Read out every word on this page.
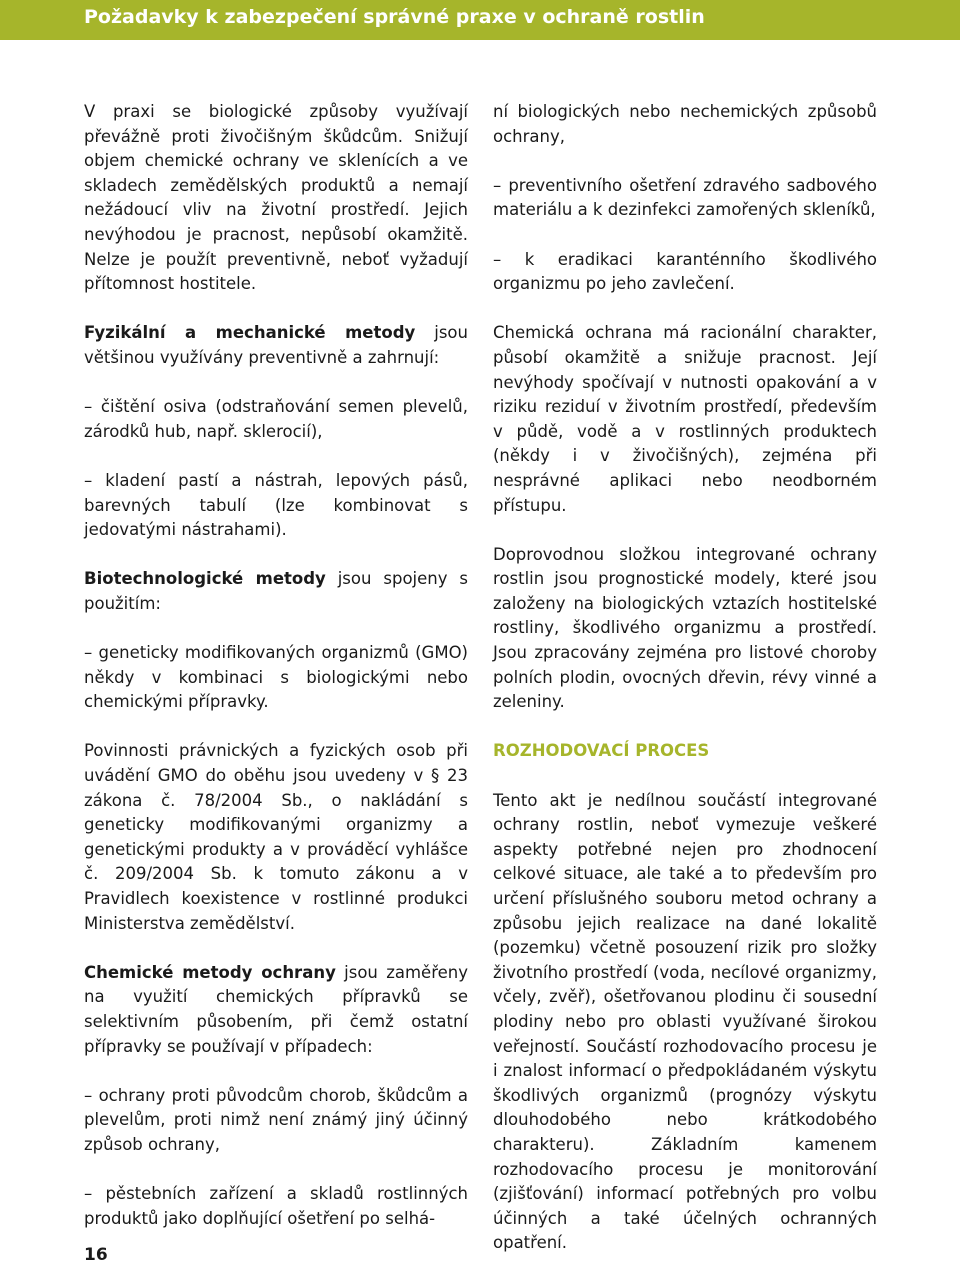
Požadavky k zabezpečení správné praxe v ochraně rostlin

V praxi se biologické způsoby využívají převážně proti živočišným škůdcům. Snižují objem chemické ochrany ve sklenících a ve skladech zemědělských produktů a nemají nežádoucí vliv na životní prostředí. Jejich nevýhodou je pracnost, nepůsobí okamžitě. Nelze je použít preventivně, neboť vyžadují přítomnost hostitele.

Fyzikální a mechanické metody jsou většinou využívány preventivně a zahrnují:

– čištění osiva (odstraňování semen plevelů, zárodků hub, např. sklerocií),

– kladení pastí a nástrah, lepových pásů, barevných tabulí (lze kombinovat s jedovatými nástrahami).

Biotechnologické metody jsou spojeny s použitím:

– geneticky modifikovaných organizmů (GMO) někdy v kombinaci s biologickými nebo chemickými přípravky.

Povinnosti právnických a fyzických osob při uvádění GMO do oběhu jsou uvedeny v § 23 zákona č. 78/2004 Sb., o nakládání s geneticky modifikovanými organizmy a genetickými produkty a v prováděcí vyhlášce č. 209/2004 Sb. k tomuto zákonu a v Pravidlech koexistence v rostlinné produkci Ministerstva zemědělství.

Chemické metody ochrany jsou zaměřeny na využití chemických přípravků se selektivním působením, při čemž ostatní přípravky se používají v případech:

– ochrany proti původcům chorob, škůdcům a plevelům, proti nimž není známý jiný účinný způsob ochrany,

– pěstebních zařízení a skladů rostlinných produktů jako doplňující ošetření po selhá-

ní biologických nebo nechemických způsobů ochrany,

– preventivního ošetření zdravého sadbového materiálu a k dezinfekci zamořených skleníků,

– k eradikaci karanténního škodlivého organizmu po jeho zavlečení.

Chemická ochrana má racionální charakter, působí okamžitě a snižuje pracnost. Její nevýhody spočívají v nutnosti opakování a v riziku reziduí v životním prostředí, především v půdě, vodě a v rostlinných produktech (někdy i v živočišných), zejména při nesprávné aplikaci nebo neodborném přístupu.

Doprovodnou složkou integrované ochrany rostlin jsou prognostické modely, které jsou založeny na biologických vztazích hostitelské rostliny, škodlivého organizmu a prostředí. Jsou zpracovány zejména pro listové choroby polních plodin, ovocných dřevin, révy vinné a zeleniny.

ROZHODOVACÍ PROCES

Tento akt je nedílnou součástí integrované ochrany rostlin, neboť vymezuje veškeré aspekty potřebné nejen pro zhodnocení celkové situace, ale také a to především pro určení příslušného souboru metod ochrany a způsobu jejich realizace na dané lokalitě (pozemku) včetně posouzení rizik pro složky životního prostředí (voda, necílové organizmy, včely, zvěř), ošetřovanou plodinu či sousední plodiny nebo pro oblasti využívané širokou veřejností. Součástí rozhodovacího procesu je i znalost informací o předpokládaném výskytu škodlivých organizmů (prognózy výskytu dlouhodobého nebo krátkodobého charakteru). Základním kamenem rozhodovacího procesu je monitorování (zjišťování) informací potřebných pro volbu účinných a také účelných ochranných opatření.

16
